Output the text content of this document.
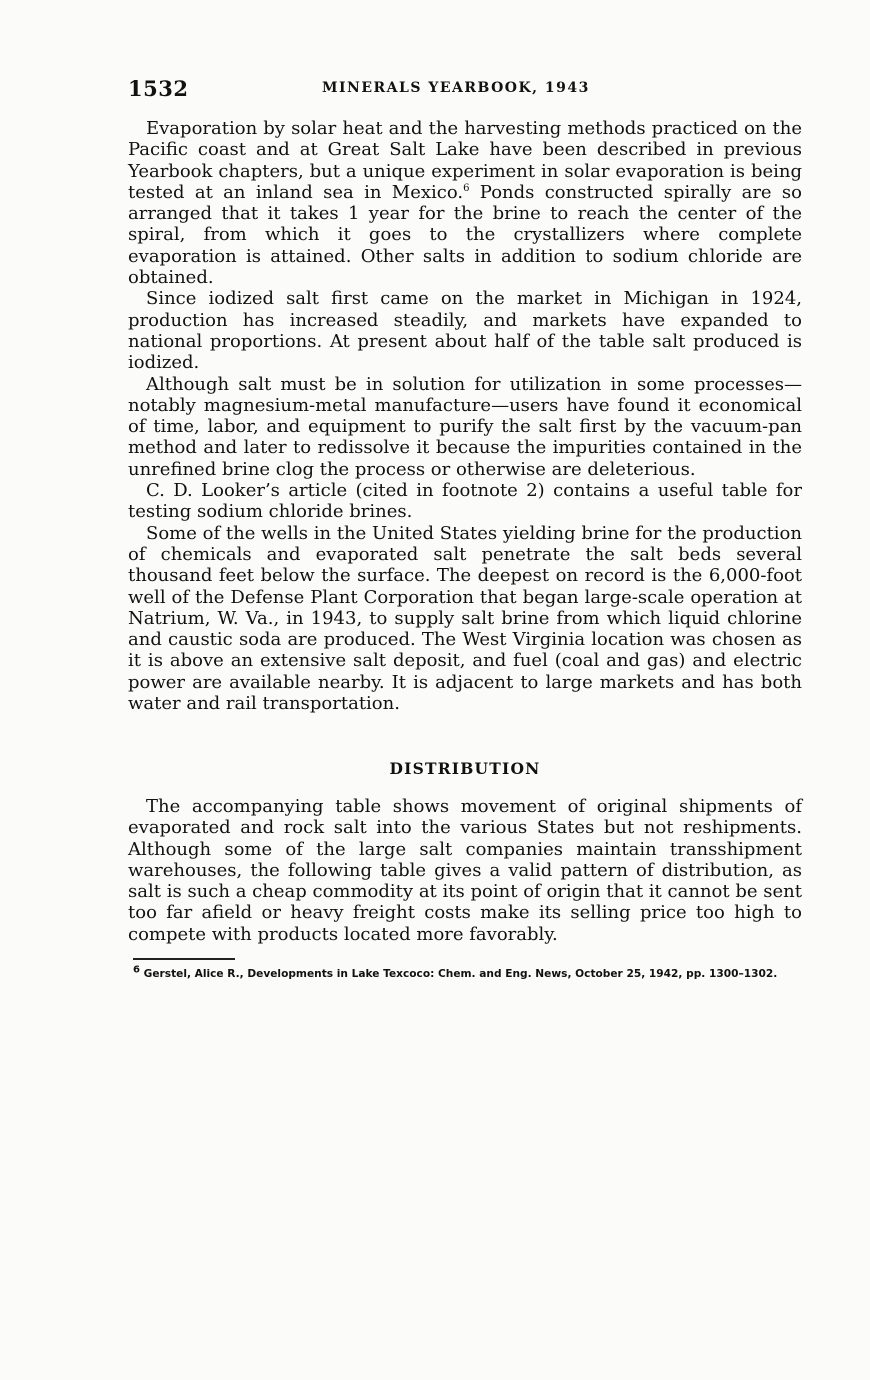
1532	MINERALS YEARBOOK, 1943

Evaporation by solar heat and the harvesting methods practiced on the Pacific coast and at Great Salt Lake have been described in previous Yearbook chapters, but a unique experiment in solar evaporation is being tested at an inland sea in Mexico.$^6$ Ponds constructed spirally are so arranged that it takes 1 year for the brine to reach the center of the spiral, from which it goes to the crystallizers where complete evaporation is attained. Other salts in addition to sodium chloride are obtained.

Since iodized salt first came on the market in Michigan in 1924, production has increased steadily, and markets have expanded to national proportions. At present about half of the table salt produced is iodized.

Although salt must be in solution for utilization in some processes—notably magnesium-metal manufacture—users have found it economical of time, labor, and equipment to purify the salt first by the vacuum-pan method and later to redissolve it because the impurities contained in the unrefined brine clog the process or otherwise are deleterious.

C. D. Looker’s article (cited in footnote 2) contains a useful table for testing sodium chloride brines.

Some of the wells in the United States yielding brine for the production of chemicals and evaporated salt penetrate the salt beds several thousand feet below the surface. The deepest on record is the 6,000-foot well of the Defense Plant Corporation that began large-scale operation at Natrium, W. Va., in 1943, to supply salt brine from which liquid chlorine and caustic soda are produced. The West Virginia location was chosen as it is above an extensive salt deposit, and fuel (coal and gas) and electric power are available nearby. It is adjacent to large markets and has both water and rail transportation.

DISTRIBUTION

The accompanying table shows movement of original shipments of evaporated and rock salt into the various States but not reshipments. Although some of the large salt companies maintain transshipment warehouses, the following table gives a valid pattern of distribution, as salt is such a cheap commodity at its point of origin that it cannot be sent too far afield or heavy freight costs make its selling price too high to compete with products located more favorably.

$^6$ Gerstel, Alice R., Developments in Lake Texcoco: Chem. and Eng. News, October 25, 1942, pp. 1300–1302.
